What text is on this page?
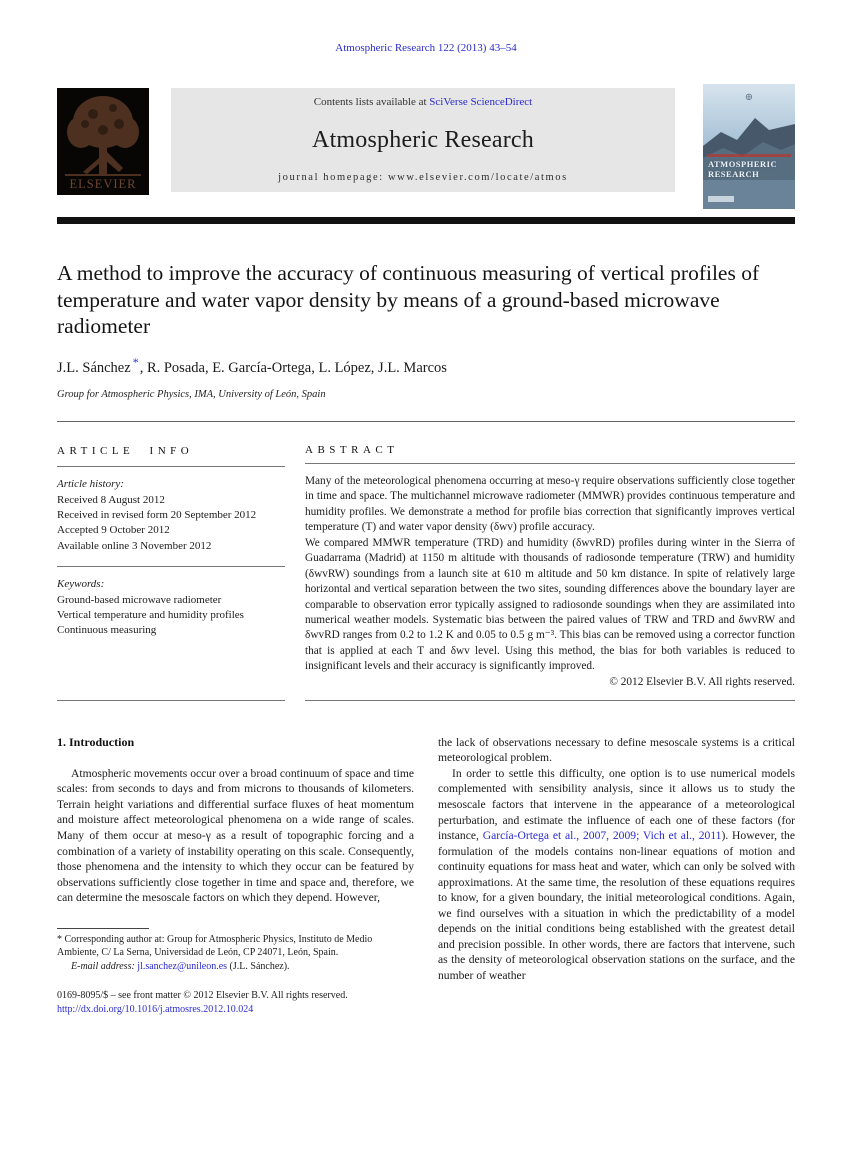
Atmospheric Research 122 (2013) 43–54
ELSEVIER
Contents lists available at SciVerse ScienceDirect
Atmospheric Research
journal homepage: www.elsevier.com/locate/atmos
⊕
ATMOSPHERIC
RESEARCH
A method to improve the accuracy of continuous measuring of vertical profiles of temperature and water vapor density by means of a ground-based microwave radiometer
J.L. Sánchez *, R. Posada, E. García-Ortega, L. López, J.L. Marcos
Group for Atmospheric Physics, IMA, University of León, Spain
ARTICLE INFO
Article history:
Received 8 August 2012
Received in revised form 20 September 2012
Accepted 9 October 2012
Available online 3 November 2012
Keywords:
Ground-based microwave radiometer
Vertical temperature and humidity profiles
Continuous measuring
ABSTRACT

Many of the meteorological phenomena occurring at meso-γ require observations sufficiently close together in time and space. The multichannel microwave radiometer (MMWR) provides continuous temperature and humidity profiles. We demonstrate a method for profile bias correction that significantly improves vertical temperature (T) and water vapor density (δwv) profile accuracy.

We compared MMWR temperature (TRD) and humidity (δwvRD) profiles during winter in the Sierra of Guadarrama (Madrid) at 1150 m altitude with thousands of radiosonde temperature (TRW) and humidity (δwvRW) soundings from a launch site at 610 m altitude and 50 km distance. In spite of relatively large horizontal and vertical separation between the two sites, sounding differences above the boundary layer are comparable to observation error typically assigned to radiosonde soundings when they are assimilated into numerical weather models. Systematic bias between the paired values of TRW and TRD and δwvRW and δwvRD ranges from 0.2 to 1.2 K and 0.05 to 0.5 g m⁻³. This bias can be removed using a corrector function that is applied at each T and δwv level. Using this method, the bias for both variables is reduced to insignificant levels and their accuracy is significantly improved.

© 2012 Elsevier B.V. All rights reserved.
1. Introduction

Atmospheric movements occur over a broad continuum of space and time scales: from seconds to days and from microns to thousands of kilometers. Terrain height variations and differential surface fluxes of heat momentum and moisture affect meteorological phenomena on a wide range of scales. Many of them occur at meso-γ as a result of topographic forcing and a combination of a variety of instability operating on this scale. Consequently, those phenomena and the intensity to which they occur can be featured by observations sufficiently close together in time and space and, therefore, we can determine the mesoscale factors on which they depend. However,

* Corresponding author at: Group for Atmospheric Physics, Instituto de Medio Ambiente, C/ La Serna, Universidad de León, CP 24071, León, Spain.
E-mail address: jl.sanchez@unileon.es (J.L. Sánchez).
0169-8095/$ – see front matter © 2012 Elsevier B.V. All rights reserved.
http://dx.doi.org/10.1016/j.atmosres.2012.10.024

the lack of observations necessary to define mesoscale systems is a critical meteorological problem.

In order to settle this difficulty, one option is to use numerical models complemented with sensibility analysis, since it allows us to study the mesoscale factors that intervene in the appearance of a meteorological perturbation, and estimate the influence of each one of these factors (for instance, García-Ortega et al., 2007, 2009; Vich et al., 2011). However, the formulation of the models contains non-linear equations of motion and continuity equations for mass heat and water, which can only be solved with approximations. At the same time, the resolution of these equations requires to know, for a given boundary, the initial meteorological conditions. Again, we find ourselves with a situation in which the predictability of a model depends on the initial conditions being established with the greatest detail and precision possible. In other words, there are factors that intervene, such as the density of meteorological observation stations on the surface, and the number of weather
